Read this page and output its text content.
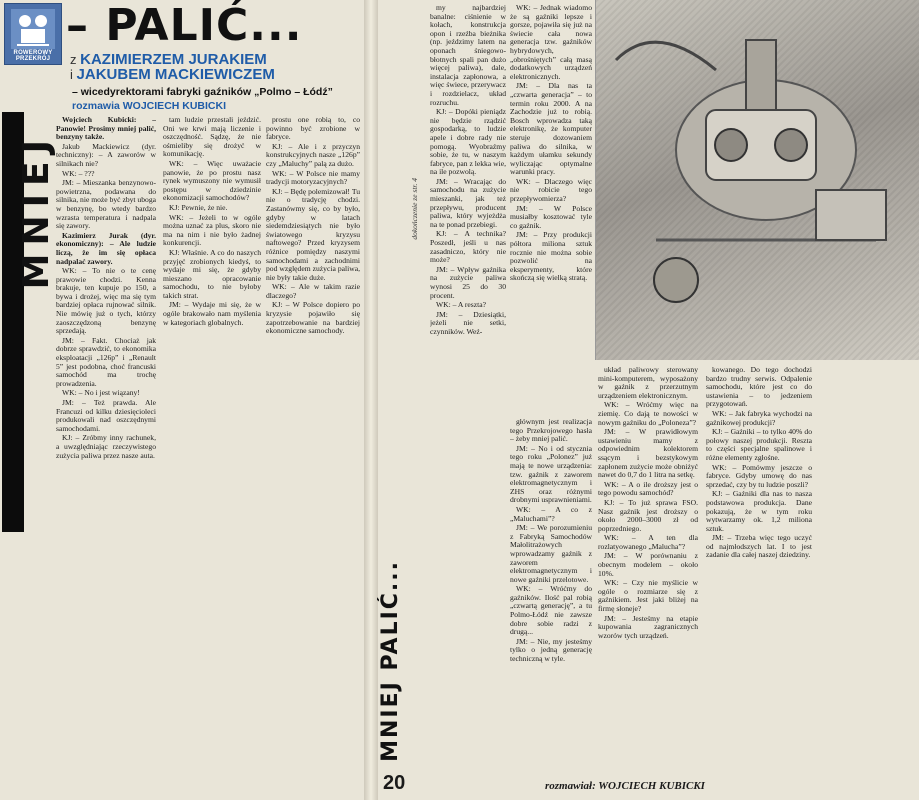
ROWEROWY PRZEKRÓJ
– PALIĆ...
z KAZIMIERZEM JURAKIEM
i JAKUBEM MACKIEWICZEM
– wicedyrektorami fabryki gaźników „Polmo – Łódź”
rozmawia WOJCIECH KUBICKI
MNIEJ

Wojciech Kubicki: – Panowie! Prosimy mniej palić, benzyny także.

Jakub Mackiewicz (dyr. techniczny): – A zaworów w silnikach nie?

WK: – ???

JM: – Mieszanka benzynowo-powietrzna, podawana do silnika, nie może być zbyt uboga w benzynę, bo wtedy bardzo wzrasta temperatura i nadpala się zawory.

Kazimierz Jurak (dyr. ekonomiczny): – Ale ludzie liczą, że im się opłaca nadpalać zawory.

WK: – To nie o te cenę prawowie chodzi. Kenna brakuje, ten kupuje po 150, a bywa i drożej, więc ma się tym bardziej opłaca rujnować silnik. Nie mówię już o tych, którzy zaoszczędzoną benzynę sprzedają.

JM: – Fakt. Chociaż jak dobrze sprawdzić, to ekonomika eksploatacji „126p” i „Renault 5” jest podobna, choć francuski samochód ma trochę prowadzenia.

WK: – No i jest wiązany!

JM: – Też prawda. Ale Francuzi od kilku dziesięcioleci produkowali nad oszczędnymi samochodami.

KJ: – Zróbmy inny rachunek, a uwzględniając rzeczywistego zużycia paliwa przez nasze auta.

tam ludzie przestali jeździć. Oni we krwi mają liczenie i oszczędność. Sądzę, że nie ośmieliby się drożyć w komunikację.

WK: – Więc uważacie panowie, że po prostu nasz rynek wymuszony nie wymusił postępu w dziedzinie ekonomizacji samochodów?

KJ: Pewnie, że nie.

WK: – Jeżeli to w ogóle można uznać za plus, skoro nie ma na nim i nie było żadnej konkurencji.

KJ: Właśnie. A co do naszych przyjęć zrobionych kiedyś, to wydaje mi się, że gdyby mieszano opracowanie samochodu, to nie byłoby takich strat.

JM: – Wydaje mi się, że w ogóle brakowało nam myślenia w kategoriach globalnych.

prostu one robią to, co powinno być zrobione w fabryce.

KJ: – Ale i z przyczyn konstrukcyjnych nasze „126p” czy „Maluchy” palą za dużo.

WK: – W Polsce nie mamy tradycji motoryzacyjnych?

KJ: – Będę polemizował! Tu nie o tradycję chodzi. Zastanówmy się, co by było, gdyby w latach siedemdziesiątych nie było światowego kryzysu naftowego? Przed kryzysem różnice pomiędzy naszymi samochodami a zachodnimi pod względem zużycia paliwa, nie były takie duże.

WK: – Ale w takim razie dlaczego?

KJ: – W Polsce dopiero po kryzysie pojawiło się zapotrzebowanie na bardziej ekonomiczne samochody.

dokończenie ze str. 4
MNIEJ PALIĆ...

my najbardziej banalne: ciśnienie w kołach, konstrukcja opon i rzeźba bieżnika (np. jeździmy latem na oponach śniegowo-błotnych spali pan dużo więcej paliwa), dale, instalacja zapłonowa, a więc świece, przerywacz i rozdzielacz, układ rozruchu.

KJ: – Dopóki pieniądz nie będzie rządzić gospodarką, to ludzie apele i dobre rady nie pomogą. Wyobraźmy sobie, że tu, w naszym fabryce, pan z lekka wie, na ile pozwolą.

JM: – Wracając do samochodu na zużycie mieszanki, jak też przepływu, producent paliwa, który wyjeżdża na te ponad przebiegi.

KJ: – A technika? Poszedł, jeśli u nas zasadniczo, który nie może?

JM: – Wpływ gaźnika na zużycie paliwa wynosi 25 do 30 procent.

WK: – A reszta?

JM: – Dziesiątki, jeżeli nie setki, czynników. Weź-

WK: – Jednak wiadomo że są gaźniki lepsze i gorsze, pojawiła się już na świecie cała nowa generacja tzw. gaźników hybrydowych, „obrośniętych” całą masą dodatkowych urządzeń elektronicznych.

JM: – Dla nas ta „czwarta generacja” – to termin roku 2000. A na Zachodzie już to robią. Bosch wprowadza taką elektronikę, że komputer steruje dozowaniem paliwa do silnika, w każdym ułamku sekundy wyliczając optymalne warunki pracy.

WK: – Dlaczego więc nie robicie tego przepływomierza?

JM: – W Polsce musiałby kosztować tyle co gaźnik.

JM: – Przy produkcji półtora miliona sztuk rocznie nie można sobie pozwolić na eksperymenty, które skończą się wielką stratą.

głównym jest realizacja tego Przekrojowego hasła – żeby mniej palić.

JM: – No i od stycznia tego roku „Polonez” już mają te nowe urządzenia: tzw. gaźnik z zaworem elektromagnetycznym i ZHS oraz różnymi drobnymi usprawnieniami.

WK: – A co z „Maluchami”?

JM: – We porozumieniu z Fabryką Samochodów Małolitrażowych wprowadzamy gaźnik z zaworem elektromagnetycznym i nowe gaźniki przelotowe.

WK: – Wróćmy do gaźników. Ilość pal robią „czwartą generację”, a tu Polmo-Łódź nie zawsze dobre sobie radzi z drugą...

JM: – Nie, my jesteśmy tylko o jedną generację techniczną w tyle.

układ paliwowy sterowany mini-komputerem, wyposażony w gaźnik z przerzutnym urządzeniem elektronicznym.

WK: – Wróćmy więc na ziemię. Co dają te nowości w nowym gaźniku do „Poloneza”?

JM: – W prawidłowym ustawieniu mamy z odpowiednim kolektorem ssącym i bezstykowym zapłonem zużycie może obniżyć nawet do 0,7 do 1 litra na setkę.

WK: – A o ile droższy jest o tego powodu samochód?

KJ: – To już sprawa FSO. Nasz gaźnik jest droższy o około 2000–3000 zł od poprzedniego.

WK: – A ten dla rozlatyowanego „Malucha”?

JM: – W porównaniu z obecnym modelem – około 10%.

WK: – Czy nie myślicie w ogóle o rozmiarze się z gaźnikiem. Jest jaki bliżej na firmę słoneje?

JM: – Jesteśmy na etapie kupowania zagranicznych wzorów tych urządzeń.

kowanego. Do tego dochodzi bardzo trudny serwis. Odpalenie samochodu, które jest co do ustawienia – to jedzeniem przygotowań.

WK: – Jak fabryka wychodzi na gaźnikowej produkcji?

KJ: – Gaźniki – to tylko 40% do połowy naszej produkcji. Reszta to części specjalne spalinowe i różne elementy zgłośne.

WK: – Pomówmy jeszcze o fabryce. Gdyby umowę do nas sprzedać, czy by tu ludzie poszli?

KJ: – Gaźniki dla nas to nasza podstawowa produkcja. Dane pokazują, że w tym roku wytwarzamy ok. 1,2 miliona sztuk.

JM: – Trzeba więc tego uczyć od najmłodszych lat. I to jest zadanie dla całej naszej dziedziny.

20	rozmawiał: WOJCIECH KUBICKI
